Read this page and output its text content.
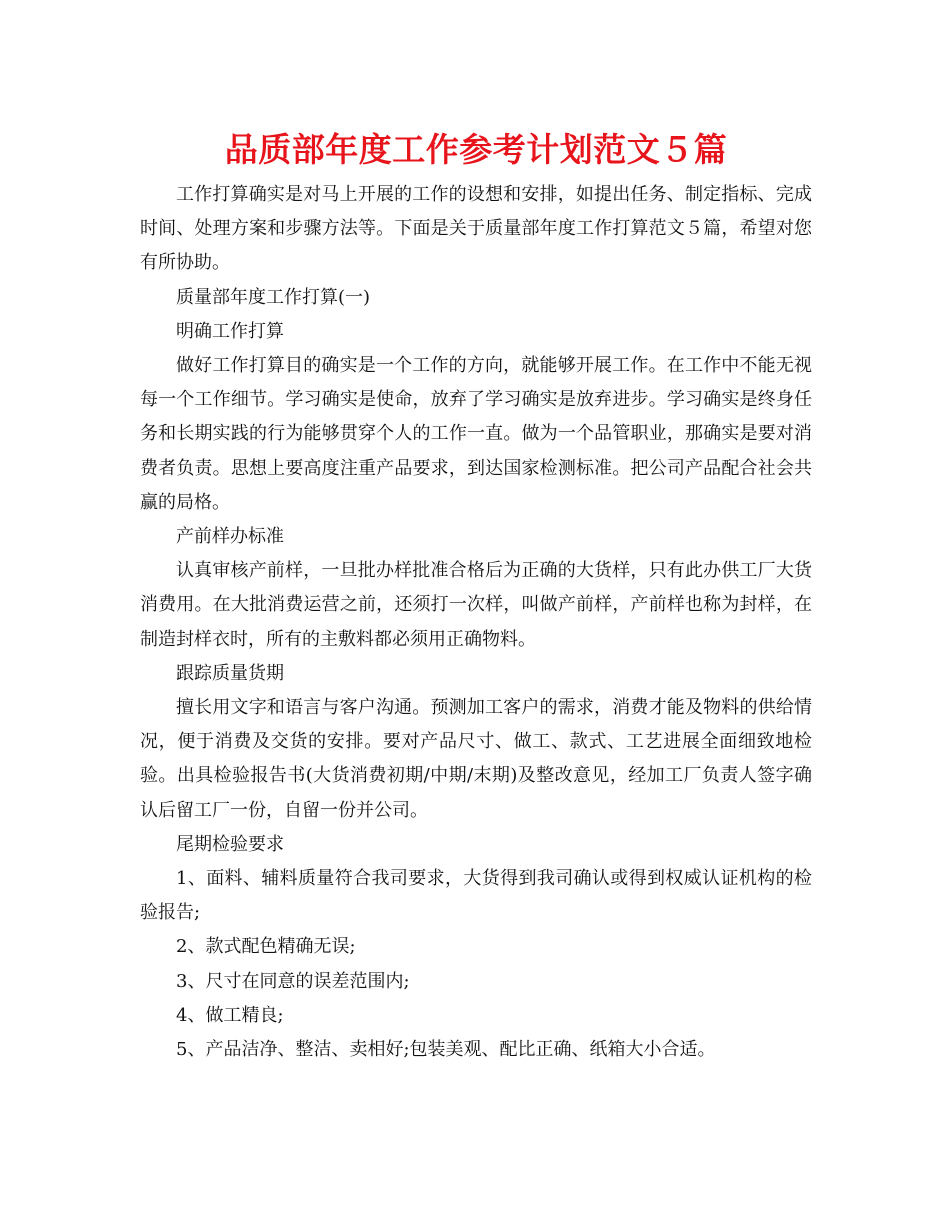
品质部年度工作参考计划范文５篇

工作打算确实是对马上开展的工作的设想和安排，如提出任务、制定指标、完成时间、处理方案和步骤方法等。下面是关于质量部年度工作打算范文５篇，希望对您有所协助。

质量部年度工作打算(一)

明确工作打算

做好工作打算目的确实是一个工作的方向，就能够开展工作。在工作中不能无视每一个工作细节。学习确实是使命，放弃了学习确实是放弃进步。学习确实是终身任务和长期实践的行为能够贯穿个人的工作一直。做为一个品管职业，那确实是要对消费者负责。思想上要高度注重产品要求，到达国家检测标准。把公司产品配合社会共赢的局格。

产前样办标准

认真审核产前样，一旦批办样批准合格后为正确的大货样，只有此办供工厂大货消费用。在大批消费运营之前，还须打一次样，叫做产前样，产前样也称为封样，在制造封样衣时，所有的主敷料都必须用正确物料。

跟踪质量货期

擅长用文字和语言与客户沟通。预测加工客户的需求，消费才能及物料的供给情况，便于消费及交货的安排。要对产品尺寸、做工、款式、工艺进展全面细致地检验。出具检验报告书(大货消费初期/中期/末期)及整改意见，经加工厂负责人签字确认后留工厂一份，自留一份并公司。

尾期检验要求

1、面料、辅料质量符合我司要求，大货得到我司确认或得到权威认证机构的检验报告;

2、款式配色精确无误;

3、尺寸在同意的误差范围内;

4、做工精良;

5、产品洁净、整洁、卖相好;包装美观、配比正确、纸箱大小合适。
